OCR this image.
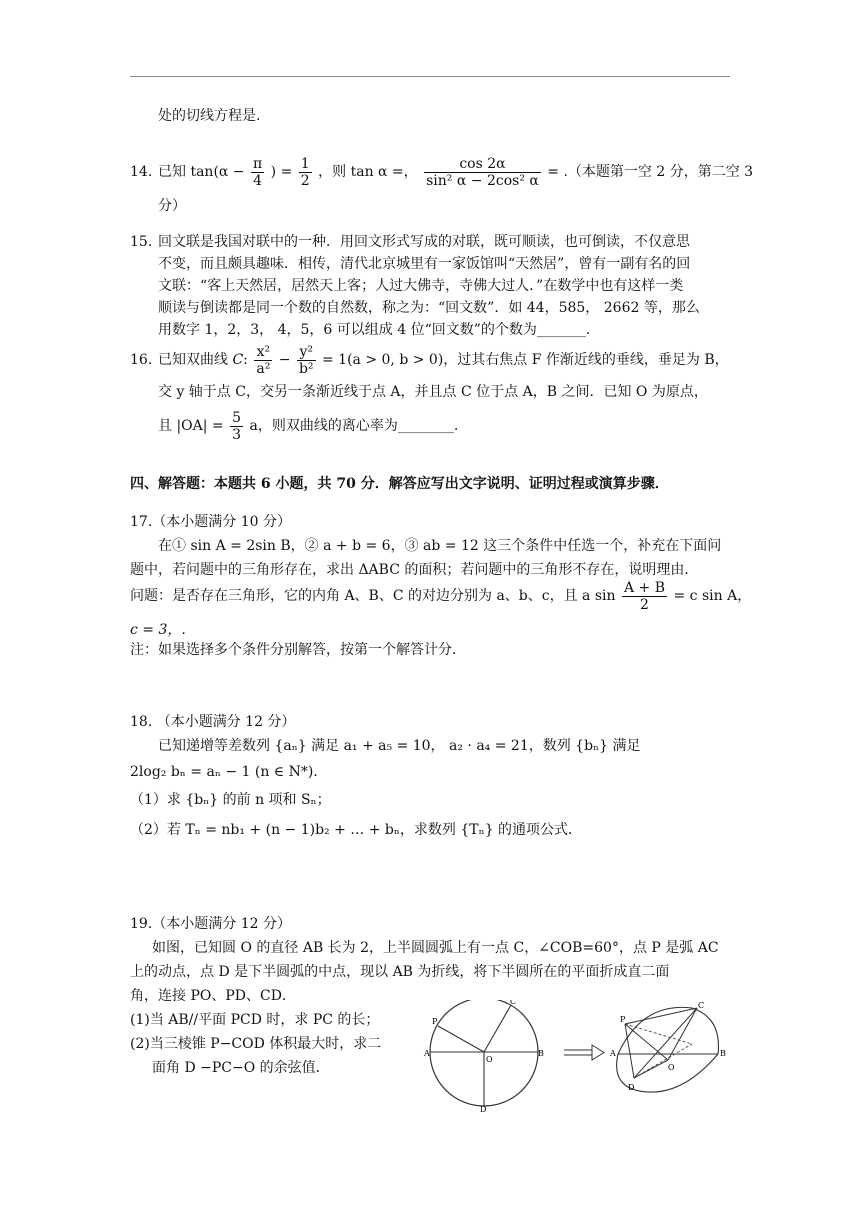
处的切线方程是.
14. 已知 $\tan(\alpha - \frac{\pi}{4}$ ) = $\frac{1}{2}$ ，则 tan α =， $\frac{\cos 2\alpha}{\text{sin² α − 2cos² α}}$ = .（本题第一空 2 分，第二空 3
分）
15. 回文联是我国对联中的一种．用回文形式写成的对联，既可顺读，也可倒读，不仅意思
不变，而且颇具趣味．相传，清代北京城里有一家饭馆叫“天然居”，曾有一副有名的回
文联：“客上天然居，居然天上客；人过大佛寺，寺佛大过人．”在数学中也有这样一类
顺读与倒读都是同一个数的自然数，称之为：“回文数”．如 44，585， 2662 等，那么
用数字 1，2，3， 4，5，6 可以组成 4 位“回文数”的个数为_______.
16. 已知双曲线 C: $\frac{\text{x²}}{\text{a²}} - \frac{\text{y²}}{\text{b²}} = 1(a > 0$, b > 0)，过其右焦点 F 作渐近线的垂线，垂足为 B，
交 y 轴于点 C，交另一条渐近线于点 A，并且点 C 位于点 A，B 之间．已知 O 为原点，
且 $|OA| = \frac{5}{3}$ a，则双曲线的离心率为________.
四、解答题：本题共 6 小题，共 70 分．解答应写出文字说明、证明过程或演算步骤．
17.（本小题满分 10 分）
在① sin A = 2sin B，② a + b = 6，③ ab = 12 这三个条件中任选一个，补充在下面问
题中，若问题中的三角形存在，求出 ΔABC 的面积；若问题中的三角形不存在，说明理由．
问题：是否存在三角形，它的内角 A、B、C 的对边分别为 a、b、c，且 a $\sin \frac{A + B}{2} = c$ sin A，
c = 3，.
注：如果选择多个条件分别解答，按第一个解答计分．
18. （本小题满分 12 分）
已知递增等差数列 {aₙ} 满足 a₁ + a₅ = 10， a₂ · a₄ = 21，数列 {bₙ} 满足
2log₂ bₙ = aₙ − 1 (n ∈ N*)．
（1）求 {bₙ} 的前 n 项和 Sₙ；
（2）若 Tₙ = nb₁ + (n − 1)b₂ + … + bₙ，求数列 {Tₙ} 的通项公式．
19.（本小题满分 12 分）
如图，已知圆 O 的直径 AB 长为 2，上半圆圆弧上有一点 C，∠COB=60°，点 P 是弧 AC
上的动点，点 D 是下半圆弧的中点，现以 AB 为折线，将下半圆所在的平面折成直二面
角，连接 PO、PD、CD．
(1)当 AB//平面 PCD 时，求 PC 的长；
(2)当三棱锥 P−COD 体积最大时，求二
面角 D −PC−O 的余弦值．
A	B
C
D
O
P
A	B
C
P
O
D
